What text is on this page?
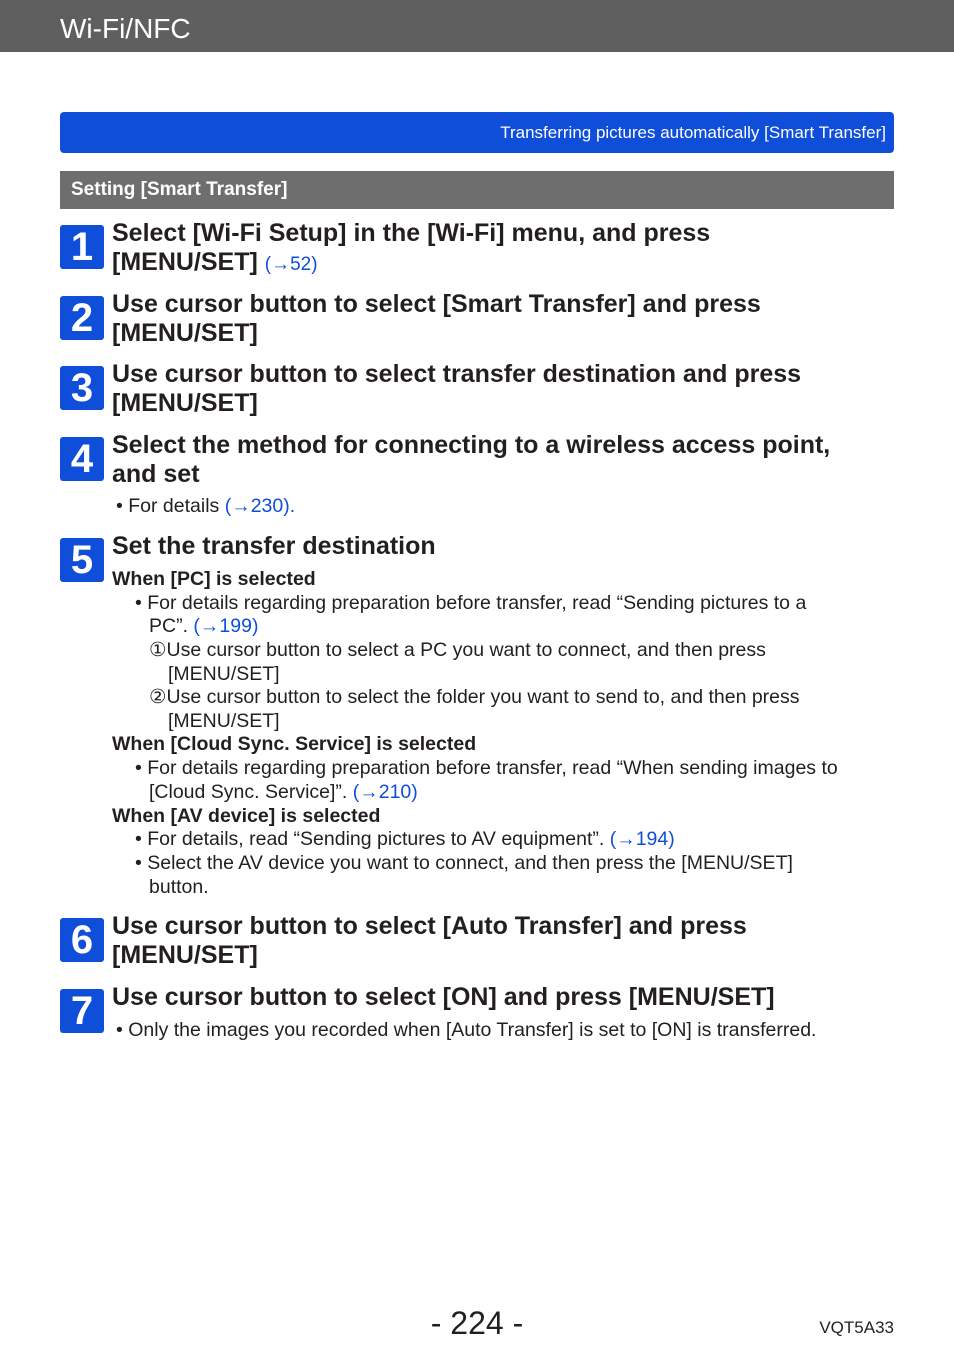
Wi-Fi/NFC
Transferring pictures automatically [Smart Transfer]
Setting [Smart Transfer]
1 Select [Wi-Fi Setup] in the [Wi-Fi] menu, and press
[MENU/SET] (→52)
2 Use cursor button to select [Smart Transfer] and press
[MENU/SET]
3 Use cursor button to select transfer destination and press
[MENU/SET]
4 Select the method for connecting to a wireless access point,
and set
• For details (→230).
5 Set the transfer destination
When [PC] is selected
• For details regarding preparation before transfer, read “Sending pictures to a
PC”. (→199)
①Use cursor button to select a PC you want to connect, and then press
[MENU/SET]
②Use cursor button to select the folder you want to send to, and then press
[MENU/SET]
When [Cloud Sync. Service] is selected
• For details regarding preparation before transfer, read “When sending images to
[Cloud Sync. Service]”. (→210)
When [AV device] is selected
• For details, read “Sending pictures to AV equipment”. (→194)
• Select the AV device you want to connect, and then press the [MENU/SET]
button.
6 Use cursor button to select [Auto Transfer] and press
[MENU/SET]
7 Use cursor button to select [ON] and press [MENU/SET]
• Only the images you recorded when [Auto Transfer] is set to [ON] is transferred.
- 224 -	VQT5A33
